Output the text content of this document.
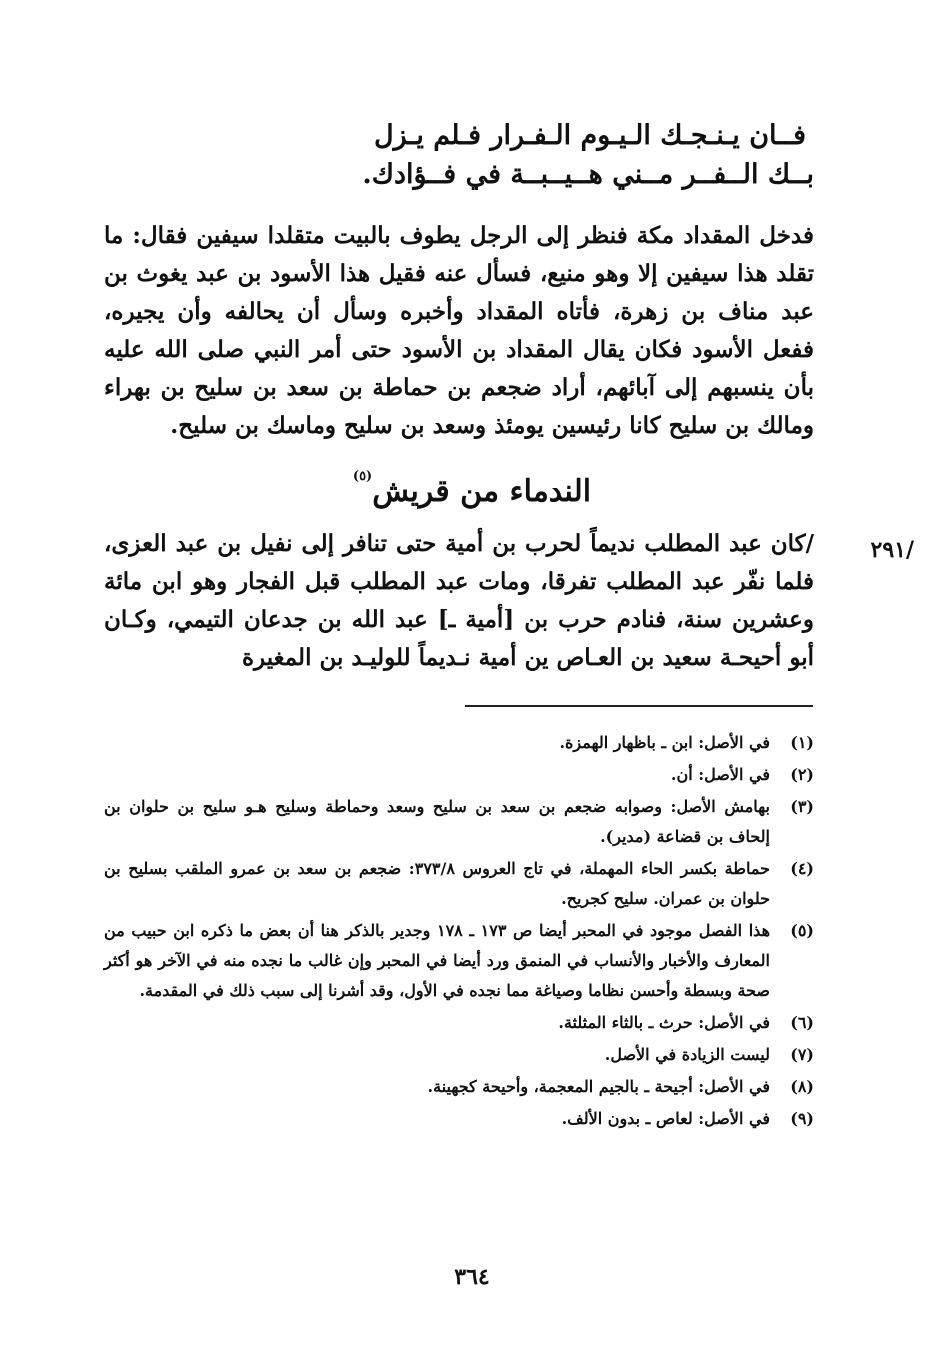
فــان يـنـجـك الـيـوم الـفـرار فـلم يـزل
بــك الــفــر مــني هــيــبــة في فــؤادك.
فدخل المقداد مكة فنظر إلى الرجل يطوف بالبيت متقلدا سيفين فقال: ما تقلد هذا سيفين إلا وهو منيع، فسأل عنه فقيل هذا الأسود بن عبد يغوث بن عبد مناف بن زهرة، فأتاه المقداد وأخبره وسأل أن يحالفه وأن يجيره، ففعل الأسود فكان يقال المقداد بن الأسود حتى أمر النبي صلى الله عليه بأن ينسبهم إلى آبائهم، أراد ضجعم بن حماطة بن سعد بن سليح بن بهراء ومالك بن سليح كانا رئيسين يومئذ وسعد بن سليح وماسك بن سليح.
الندماء من قريش$^{(٥)}$
/٢٩١
/كان عبد المطلب نديماً لحرب بن أمية حتى تنافر إلى نفيل بن عبد العزى، فلما نفّر عبد المطلب تفرقا، ومات عبد المطلب قبل الفجار وهو ابن مائة وعشرين سنة، فنادم حرب بن [أمية ـ] عبد الله بن جدعان التيمي، وكـان أبو أحيحـة سعيد بن العـاص ين أمية نـديماً للوليـد بن المغيرة
(١)
في الأصل: ابن ـ باظهار الهمزة.
(٢)
في الأصل: أن.
(٣)
بهامش الأصل: وصوابه ضجعم بن سعد بن سليح وسعد وحماطة وسليح هـو سليح بن حلوان بن إلحاف بن قضاعة (مدير).
(٤)
حماطة بكسر الحاء المهملة، في تاج العروس ٣٧٣/٨: ضجعم بن سعد بن عمرو الملقب بسليح بن حلوان بن عمران. سليح كجريح.
(٥)
هذا الفصل موجود في المحبر أيضا ص ١٧٣ ـ ١٧٨ وجدير بالذكر هنا أن بعض ما ذكره ابن حبيب من المعارف والأخبار والأنساب في المنمق ورد أيضا في المحبر وإن غالب ما نجده منه في الآخر هو أكثر صحة وبسطة وأحسن نظاما وصياغة مما نجده في الأول، وقد أشرنا إلى سبب ذلك في المقدمة.
(٦)
في الأصل: حرث ـ بالثاء المثلثة.
(٧)
ليست الزيادة في الأصل.
(٨)
في الأصل: أجيحة ـ بالجيم المعجمة، وأحيحة كجهينة.
(٩)
في الأصل: لعاص ـ بدون الألف.
٣٦٤
